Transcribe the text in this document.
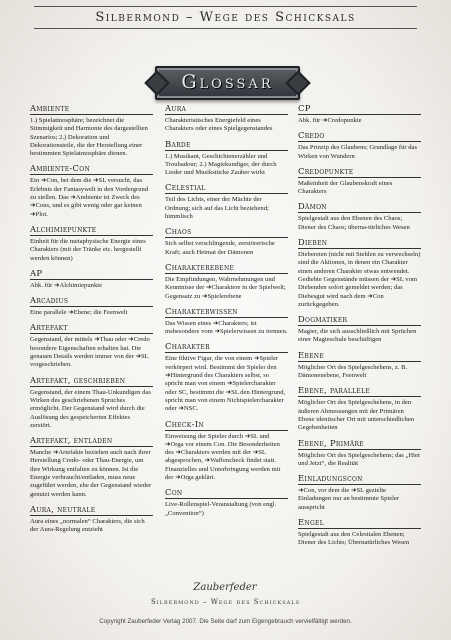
Silbermond – Wege des Schicksals
Glossar
Ambiente
1.) Spielatmosphäre; bezeichnet die Stimmigkeit und Harmonie des dargestellten Szenarios; 2.) Dekoration und Dekorationsteile, die der Herstellung einer bestimmten Spielatmosphäre dienen.
Ambiente-Con
Ein ➜Con, bei dem die ➜SL versucht, das Erlebnis der Fantasywelt in den Vordergrund zu stellen. Das ➜Ambiente ist Zweck des ➜Cons, und es gibt wenig oder gar keinen ➜Plot.
Alchimiepunkte
Einheit für die metaphysische Energie eines Charakters (mit der Tränke etc. hergestellt werden können)
AP
Abk. für ➜Alchimiepunkte
Arcadius
Eine parallele ➜Ebene; die Feenwelt
Artefakt
Gegenstand, der mittels ➜Thau oder ➜Credo besondere Eigenschaften erhalten hat. Die genauen Details werden immer von der ➜SL vorgeschrieben.
Artefakt, geschrieben
Gegenstand, der einem Thau-Unkundigen das Wirken des geschriebenen Spruches ermöglicht. Der Gegenstand wird durch die Auslösung des gespeicherten Effektes zerstört.
Artefakt, entladen
Manche ➜Artefakte beziehen auch nach ihrer Herstellung Credo- oder Thau-Energie, um ihre Wirkung entfalten zu können. Ist die Energie verbraucht/entladen, muss neue zugeführt werden, ehe der Gegenstand wieder genutzt werden kann.
Aura, neutrale
Aura eines „normalen“ Charakters, die sich der Aura-Regelung entzieht
Aura
Charakteristisches Energiefeld eines Charakters oder eines Spielgegenstandes
Barde
1.) Musikant, Geschichtenerzähler und Troubadour; 2.) Magiekundiger, der durch Lieder und Musikstücke Zauber wirkt
Celestial
Teil des Lichts, einer der Mächte der Ordnung; sich auf das Licht beziehend; himmlisch
Chaos
Sich selbst verschlingende, zerstörerische Kraft; auch Heimat der Dämonen
Charakterebene
Die Empfindungen, Wahrnehmungen und Kenntnisse der ➜Charaktere in der Spielwelt; Gegensatz zu ➜Spielerebene
Charakterwissen
Das Wissen eines ➜Charakters; ist insbesondere vom ➜Spielerwissen zu trennen.
Charakter
Eine fiktive Figur, die von einem ➜Spieler verkörpert wird. Bestimmt der Spieler den ➜Hintergrund des Charakters selbst, so spricht man von einem ➜Spielercharakter oder SC, bestimmt die ➜SL den Hintergrund, spricht man von einem Nichtspielercharakter oder ➜NSC.
Check-In
Einweisung der Spieler durch ➜SL und ➜Orga vor einem Con. Die Besonderheiten des ➜Charakters werden mit der ➜SL abgesprochen, ➜Waffencheck findet statt. Finanzielles und Unterbringung werden mit der ➜Orga geklärt.
Con
Live-Rollenspiel-Veranstaltung (von engl. „Convention“)
CP
Abk. für ➜Credopunkte
Credo
Das Prinzip des Glaubens; Grundlage für das Wirken von Wundern
Credopunkte
Maßeinheit der Glaubenskraft eines Charakters
Dämon
Spielgestalt aus den Ebenen des Chaos; Diener des Chaos; überna-türliches Wesen
Dieben
Diebereien (nicht mit Stehlen zu verwechseln) sind die Aktionen, in denen ein Charakter einen anderen Charakter etwas entwendet. Gediebte Gegenstände müssen der ➜SL vom Diebenden sofort gemeldet werden; das Diebesgut wird nach dem ➜Con zurückgegeben.
Dogmatiker
Magier, die sich ausschließlich mit Sprüchen einer Magieschule beschäftigen
Ebene
Möglicher Ort des Spielgeschehens, z. B. Dämonenebene, Feenwelt
Ebene, parallele
Möglicher Ort des Spielgeschehens, in den äußeren Abmessungen mit der Primären Ebene identischer Ort mit unterschiedlichen Gegebenheiten
Ebene, Primäre
Möglicher Ort des Spielgeschehens; das „Hier und Jetzt“, die Realität
Einladungscon
➜Con, vor dem die ➜SL gezielte Einladungen nur an bestimmte Spieler ausspricht
Engel
Spielgestalt aus den Celestialen Ebenen; Diener des Lichts; Übernatürliches Wesen
Zauberfeder
Silbermond – Wege des Schicksals
Copyright Zauberfeder Verlag 2007. Die Seite darf zum Eigengebrauch vervielfältigt werden.
